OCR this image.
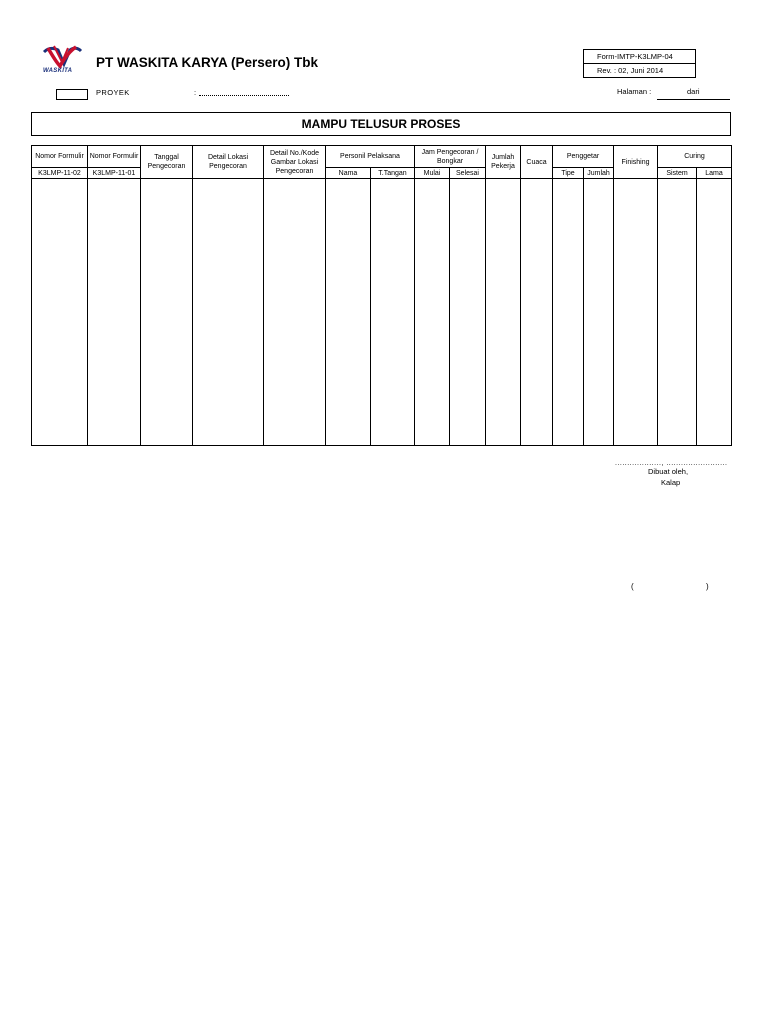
WASKITA
PT WASKITA KARYA (Persero) Tbk	Form-IMTP-K3LMP-04
Rev. : 02, Juni 2014
PROYEK	:	Halaman :	dari
MAMPU TELUSUR PROSES
Nomor Formulir	Nomor Formulir	Tanggal Pengecoran	Detail Lokasi Pengecoran	Detail No./Kode Gambar Lokasi Pengecoran	Personil Pelaksana		Jam Pengecoran / Bongkar		Jumlah Pekerja	Cuaca	Penggetar		Finishing	Curing	
K3LMP-11-02	K3LMP-11-01				Nama	T.Tangan	Mulai	Selesai			Tipe	Jumlah		Sistem	Lama

..................., .........................
Dibuat oleh,
Kalap
(	)
